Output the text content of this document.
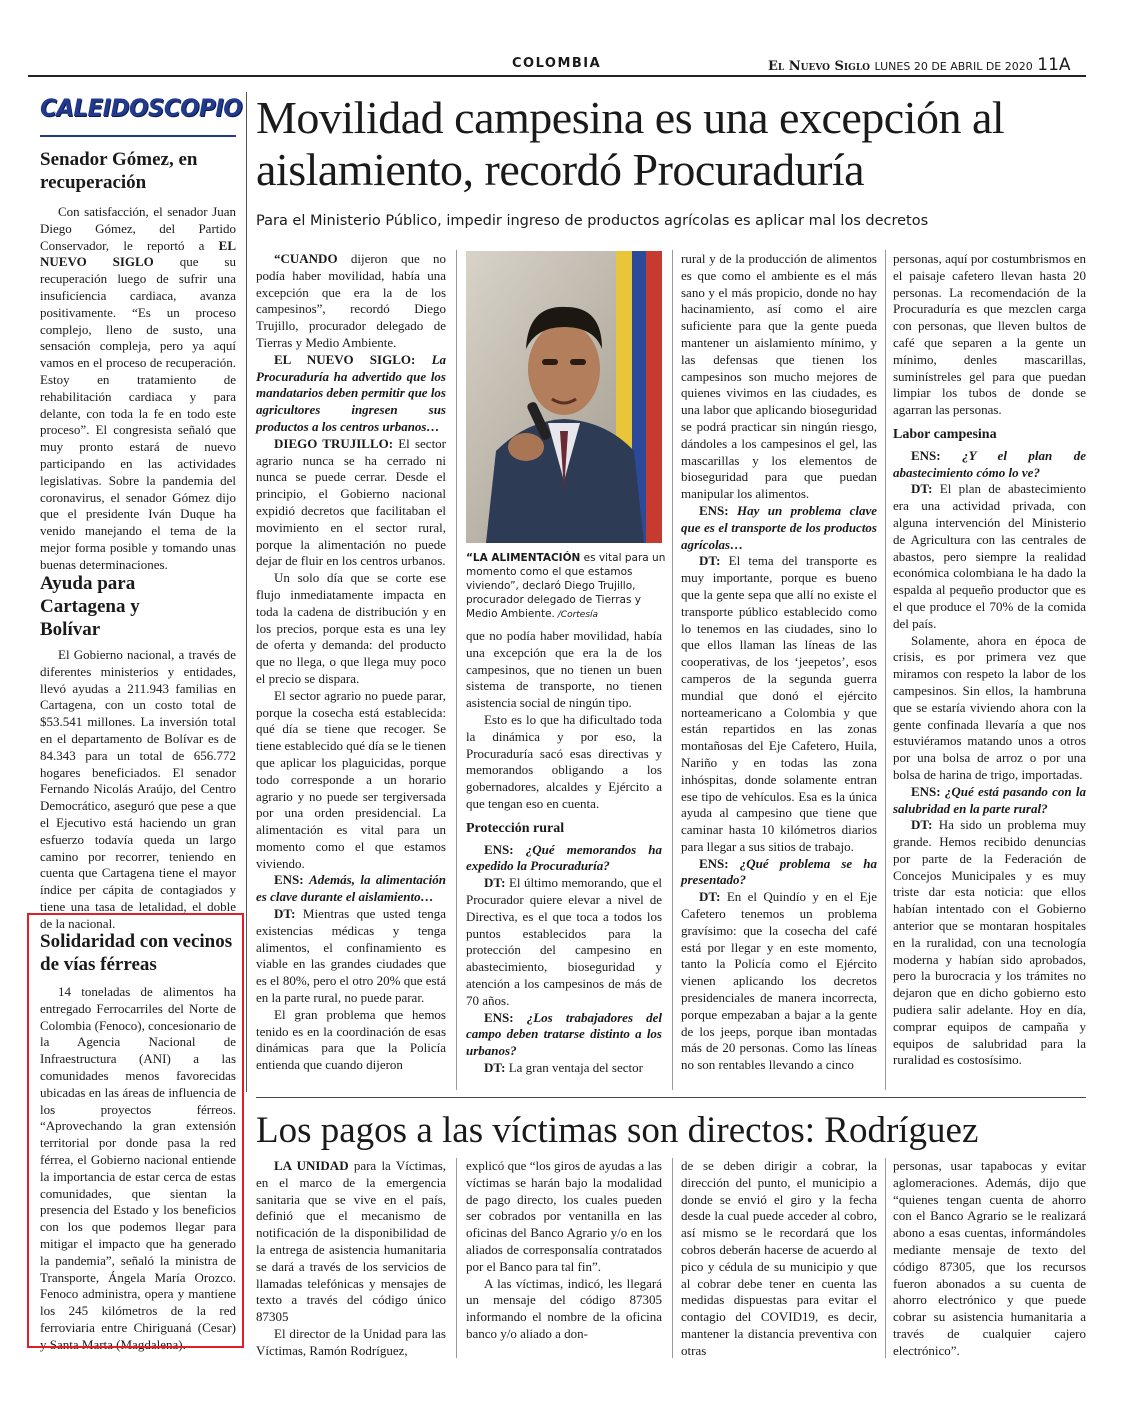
COLOMBIA	El Nuevo Siglo LUNES 20 DE ABRIL DE 2020 11A
CALEIDOSCOPIO
Senador Gómez, en recuperación

Con satisfacción, el senador Juan Diego Gómez, del Partido Conservador, le reportó a EL NUEVO SIGLO que su recuperación luego de sufrir una insuficiencia cardiaca, avanza positivamente. “Es un proceso complejo, lleno de susto, una sensación compleja, pero ya aquí vamos en el proceso de recuperación. Estoy en tratamiento de rehabilitación cardiaca y para delante, con toda la fe en todo este proceso”. El congresista señaló que muy pronto estará de nuevo participando en las actividades legislativas. Sobre la pandemia del coronavirus, el senador Gómez dijo que el presidente Iván Duque ha venido manejando el tema de la mejor forma posible y tomando unas buenas determinaciones.

Ayuda para Cartagena y Bolívar

El Gobierno nacional, a través de diferentes ministerios y entidades, llevó ayudas a 211.943 familias en Cartagena, con un costo total de $53.541 millones. La inversión total en el departamento de Bolívar es de 84.343 para un total de 656.772 hogares beneficiados. El senador Fernando Nicolás Araújo, del Centro Democrático, aseguró que pese a que el Ejecutivo está haciendo un gran esfuerzo todavía queda un largo camino por recorrer, teniendo en cuenta que Cartagena tiene el mayor índice per cápita de contagiados y tiene una tasa de letalidad, el doble de la nacional.

Solidaridad con vecinos de vías férreas

14 toneladas de alimentos ha entregado Ferrocarriles del Norte de Colombia (Fenoco), concesionario de la Agencia Nacional de Infraestructura (ANI) a las comunidades menos favorecidas ubicadas en las áreas de influencia de los proyectos férreos. “Aprovechando la gran extensión territorial por donde pasa la red férrea, el Gobierno nacional entiende la importancia de estar cerca de estas comunidades, que sientan la presencia del Estado y los beneficios con los que podemos llegar para mitigar el impacto que ha generado la pandemia”, señaló la ministra de Transporte, Ángela María Orozco. Fenoco administra, opera y mantiene los 245 kilómetros de la red ferroviaria entre Chiriguaná (Cesar) y Santa Marta (Magdalena).

Movilidad campesina es una excepción al aislamiento, recordó Procuraduría
Para el Ministerio Público, impedir ingreso de productos agrícolas es aplicar mal los decretos

“CUANDO dijeron que no podía haber movilidad, había una excepción que era la de los campesinos”, recordó Diego Trujillo, procurador delegado de Tierras y Medio Ambiente.

EL NUEVO SIGLO: La Procuraduría ha advertido que los mandatarios deben permitir que los agricultores ingresen sus productos a los centros urbanos…

DIEGO TRUJILLO: El sector agrario nunca se ha cerrado ni nunca se puede cerrar. Desde el principio, el Gobierno nacional expidió decretos que facilitaban el movimiento en el sector rural, porque la alimentación no puede dejar de fluir en los centros urbanos.

Un solo día que se corte ese flujo inmediatamente impacta en toda la cadena de distribución y en los precios, porque esta es una ley de oferta y demanda: del producto que no llega, o que llega muy poco el precio se dispara.

El sector agrario no puede parar, porque la cosecha está establecida: qué día se tiene que recoger. Se tiene establecido qué día se le tienen que aplicar los plaguicidas, porque todo corresponde a un horario agrario y no puede ser tergiversada por una orden presidencial. La alimentación es vital para un momento como el que estamos viviendo.

ENS: Además, la alimentación es clave durante el aislamiento…

DT: Mientras que usted tenga existencias médicas y tenga alimentos, el confinamiento es viable en las grandes ciudades que es el 80%, pero el otro 20% que está en la parte rural, no puede parar.

El gran problema que hemos tenido es en la coordinación de esas dinámicas para que la Policía entienda que cuando dijeron

“LA ALIMENTACIÓN es vital para un momento como el que estamos viviendo”, declaró Diego Trujillo, procurador delegado de Tierras y Medio Ambiente. /Cortesía

que no podía haber movilidad, había una excepción que era la de los campesinos, que no tienen un buen sistema de transporte, no tienen asistencia social de ningún tipo.

Esto es lo que ha dificultado toda la dinámica y por eso, la Procuraduría sacó esas directivas y memorandos obligando a los gobernadores, alcaldes y Ejército a que tengan eso en cuenta.

Protección rural

ENS: ¿Qué memorandos ha expedido la Procuraduría?

DT: El último memorando, que el Procurador quiere elevar a nivel de Directiva, es el que toca a todos los puntos establecidos para la protección del campesino en abastecimiento, bioseguridad y atención a los campesinos de más de 70 años.

ENS: ¿Los trabajadores del campo deben tratarse distinto a los urbanos?

DT: La gran ventaja del sector

rural y de la producción de alimentos es que como el ambiente es el más sano y el más propicio, donde no hay hacinamiento, así como el aire suficiente para que la gente pueda mantener un aislamiento mínimo, y las defensas que tienen los campesinos son mucho mejores de quienes vivimos en las ciudades, es una labor que aplicando bioseguridad se podrá practicar sin ningún riesgo, dándoles a los campesinos el gel, las mascarillas y los elementos de bioseguridad para que puedan manipular los alimentos.

ENS: Hay un problema clave que es el transporte de los productos agrícolas…

DT: El tema del transporte es muy importante, porque es bueno que la gente sepa que allí no existe el transporte público establecido como lo tenemos en las ciudades, sino lo que ellos llaman las líneas de las cooperativas, de los ‘jeepetos’, esos camperos de la segunda guerra mundial que donó el ejército norteamericano a Colombia y que están repartidos en las zonas montañosas del Eje Cafetero, Huila, Nariño y en todas las zona inhóspitas, donde solamente entran ese tipo de vehículos. Esa es la única ayuda al campesino que tiene que caminar hasta 10 kilómetros diarios para llegar a sus sitios de trabajo.

ENS: ¿Qué problema se ha presentado?

DT: En el Quindío y en el Eje Cafetero tenemos un problema gravísimo: que la cosecha del café está por llegar y en este momento, tanto la Policía como el Ejército vienen aplicando los decretos presidenciales de manera incorrecta, porque empezaban a bajar a la gente de los jeeps, porque iban montadas más de 20 personas. Como las líneas no son rentables llevando a cinco

personas, aquí por costumbrismos en el paisaje cafetero llevan hasta 20 personas. La recomendación de la Procuraduría es que mezclen carga con personas, que lleven bultos de café que separen a la gente un mínimo, denles mascarillas, suminístreles gel para que puedan limpiar los tubos de donde se agarran las personas.

Labor campesina

ENS: ¿Y el plan de abastecimiento cómo lo ve?

DT: El plan de abastecimiento era una actividad privada, con alguna intervención del Ministerio de Agricultura con las centrales de abastos, pero siempre la realidad económica colombiana le ha dado la espalda al pequeño productor que es el que produce el 70% de la comida del país.

Solamente, ahora en época de crisis, es por primera vez que miramos con respeto la labor de los campesinos. Sin ellos, la hambruna que se estaría viviendo ahora con la gente confinada llevaría a que nos estuviéramos matando unos a otros por una bolsa de arroz o por una bolsa de harina de trigo, importadas.

ENS: ¿Qué está pasando con la salubridad en la parte rural?

DT: Ha sido un problema muy grande. Hemos recibido denuncias por parte de la Federación de Concejos Municipales y es muy triste dar esta noticia: que ellos habían intentado con el Gobierno anterior que se montaran hospitales en la ruralidad, con una tecnología moderna y habían sido aprobados, pero la burocracia y los trámites no dejaron que en dicho gobierno esto pudiera salir adelante. Hoy en día, comprar equipos de campaña y equipos de salubridad para la ruralidad es costosísimo.

Los pagos a las víctimas son directos: Rodríguez

LA UNIDAD para la Víctimas, en el marco de la emergencia sanitaria que se vive en el país, definió que el mecanismo de notificación de la disponibilidad de la entrega de asistencia humanitaria se dará a través de los servicios de llamadas telefónicas y mensajes de texto a través del código único 87305

El director de la Unidad para las Víctimas, Ramón Rodríguez,

explicó que “los giros de ayudas a las víctimas se harán bajo la modalidad de pago directo, los cuales pueden ser cobrados por ventanilla en las oficinas del Banco Agrario y/o en los aliados de corresponsalía contratados por el Banco para tal fin”.

A las víctimas, indicó, les llegará un mensaje del código 87305 informando el nombre de la oficina banco y/o aliado a don-

de se deben dirigir a cobrar, la dirección del punto, el municipio a donde se envió el giro y la fecha desde la cual puede acceder al cobro, así mismo se le recordará que los cobros deberán hacerse de acuerdo al pico y cédula de su municipio y que al cobrar debe tener en cuenta las medidas dispuestas para evitar el contagio del COVID19, es decir, mantener la distancia preventiva con otras

personas, usar tapabocas y evitar aglomeraciones. Además, dijo que “quienes tengan cuenta de ahorro con el Banco Agrario se le realizará abono a esas cuentas, informándoles mediante mensaje de texto del código 87305, que los recursos fueron abonados a su cuenta de ahorro electrónico y que puede cobrar su asistencia humanitaria a través de cualquier cajero electrónico”.
